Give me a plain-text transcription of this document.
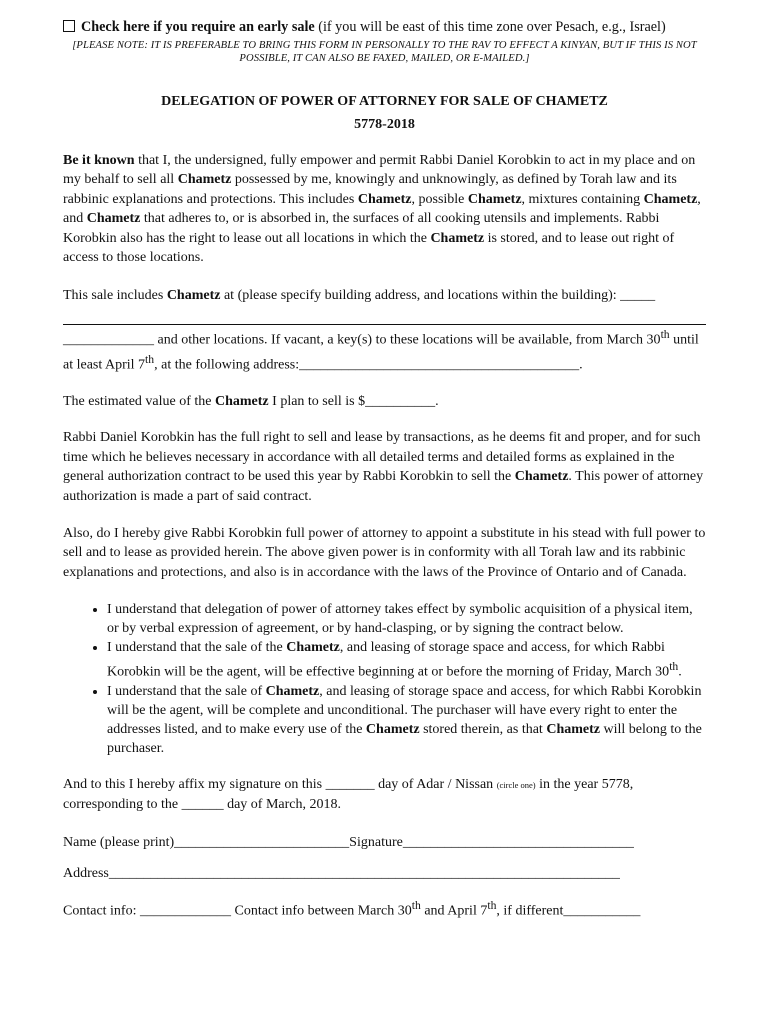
Check here if you require an early sale (if you will be east of this time zone over Pesach, e.g., Israel)
[PLEASE NOTE: IT IS PREFERABLE TO BRING THIS FORM IN PERSONALLY TO THE RAV TO EFFECT A KINYAN, BUT IF THIS IS NOT POSSIBLE, IT CAN ALSO BE FAXED, MAILED, OR E-MAILED.]
DELEGATION OF POWER OF ATTORNEY FOR SALE OF CHAMETZ
5778-2018

Be it known that I, the undersigned, fully empower and permit Rabbi Daniel Korobkin to act in my place and on my behalf to sell all Chametz possessed by me, knowingly and unknowingly, as defined by Torah law and its rabbinic explanations and protections. This includes Chametz, possible Chametz, mixtures containing Chametz, and Chametz that adheres to, or is absorbed in, the surfaces of all cooking utensils and implements. Rabbi Korobkin also has the right to lease out all locations in which the Chametz is stored, and to lease out right of access to those locations.

This sale includes Chametz at (please specify building address, and locations within the building): _____

_____________ and other locations. If vacant, a key(s) to these locations will be available, from March 30th until at least April 7th, at the following address:________________________________________.

The estimated value of the Chametz I plan to sell is $__________.

Rabbi Daniel Korobkin has the full right to sell and lease by transactions, as he deems fit and proper, and for such time which he believes necessary in accordance with all detailed terms and detailed forms as explained in the general authorization contract to be used this year by Rabbi Korobkin to sell the Chametz. This power of attorney authorization is made a part of said contract.

Also, do I hereby give Rabbi Korobkin full power of attorney to appoint a substitute in his stead with full power to sell and to lease as provided herein. The above given power is in conformity with all Torah law and its rabbinic explanations and protections, and also is in accordance with the laws of the Province of Ontario and of Canada.

• I understand that delegation of power of attorney takes effect by symbolic acquisition of a physical item, or by verbal expression of agreement, or by hand-clasping, or by signing the contract below.
• I understand that the sale of the Chametz, and leasing of storage space and access, for which Rabbi Korobkin will be the agent, will be effective beginning at or before the morning of Friday, March 30th.
• I understand that the sale of Chametz, and leasing of storage space and access, for which Rabbi Korobkin will be the agent, will be complete and unconditional. The purchaser will have every right to enter the addresses listed, and to make every use of the Chametz stored therein, as that Chametz will belong to the purchaser.

And to this I hereby affix my signature on this _______ day of Adar / Nissan (circle one) in the year 5778, corresponding to the ______ day of March, 2018.

Name (please print)_________________________Signature_________________________________

Address_________________________________________________________________________

Contact info: _____________ Contact info between March 30th and April 7th, if different___________
